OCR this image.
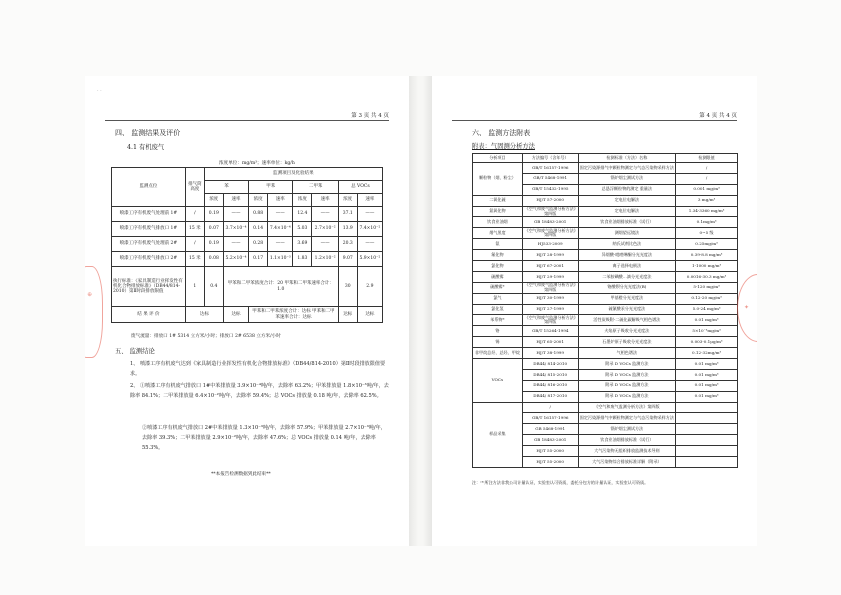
· ·
第 3 页 共 4 页
四、 监测结果及评价
4.1 有机废气
浓度单位：mg/m³；速率单位：kg/h
监测点位	排气筒高度	监测项目及化验结果							
		苯		甲苯		二甲苯		总 VOCs	
		浓度	速率	浓度	速率	浓度	速率	浓度	速率
喷漆工序有机废气处理前 1#	/	0.19	——	0.88	——	12.4	——	37.1	——
喷漆工序有机废气排放口 1#	15 米	0.07	3.7×10⁻⁴	0.14	7.4×10⁻⁴	5.03	2.7×10⁻²	13.9	7.4×10⁻²
喷漆工序有机废气处理前 2#	/	0.19	——	0.28	——	3.69	——	20.3	——
喷漆工序有机废气排放口 2#	15 米	0.08	5.2×10⁻⁴	0.17	1.1×10⁻³	1.83	1.2×10⁻²	9.07	5.9×10⁻²
执行标准：《家具制造行业挥发性有机化合物排放标准》（DB44/814-2010）第Ⅱ时段排放限值	1	0.4	甲苯和二甲苯浓度合计：20 甲苯和二甲苯速率合计：1.0					30	2.9
结 果 评 价	达标		达标	甲苯和二甲苯浓度合计：达标 甲苯和二甲苯速率合计：达标				达标	达标
废气流量：排放口 1# 5314 立方米/小时；排放口 2# 6538 立方米/小时
五、 监测结论
1、 喷漆工序有机废气达到《家具制造行业挥发性有机化合物排放标准》（DB44/814-2010）第Ⅱ时段排放限值要求。
2、 ①喷漆工序有机废气排放口 1#中苯排放量 3.9×10⁻⁴吨/年，去除率 63.2%；甲苯排放量 1.8×10⁻³吨/年，去除率 84.1%；二甲苯排放量 6.4×10⁻²吨/年，去除率 59.4%；总 VOCs 排放量 0.18 吨/年，去除率 62.5%。
②喷漆工序有机废气排放口 2#中苯排放量 1.3×10⁻³吨/年，去除率 57.9%；甲苯排放量 2.7×10⁻³吨/年，去除率 39.3%；二甲苯排放量 2.9×10⁻²吨/年，去除率 47.6%；总 VOCs 排放量 0.14 吨/年，去除率 55.3%。
**本报告检测数据到此结束**
⊕
第 4 页 共 4 页
六、 监测方法附表
附表：气固测分析方法
分析项目	方法编号（含年号）	检测标准（方法）名称	检测限值
颗粒物（烟、粉尘）	GB/T 16157-1996	固定污染源排气中颗粒物测定与气态污染物采样方法	/
	GB/T 5468-1991	锅炉烟尘测试方法	/
	GB/T 15432-1995	总悬浮颗粒物的测定 重量法	0.001 mg/m³
二氧化硫	HJ/T 57-2000	定电位电解法	3 mg/m³
氮氧化物	《空气和废气监测分析方法》第四版	定电位电解法	1.34-3360 mg/m³
饮食业油烟	GB 18483-2001	饮食业油烟排放标准（试行）	0.1mg/m³
烟气黑度	《空气和废气监测分析方法》第四版	测烟望远镜法	0~5 级
氨	HJ533-2009	纳氏试剂比色法	0.25mg/m³
氟化物	HJ/T 28-1999	异烟酸-吡唑啉酮分光光度法	0.39-8.8 mg/m³
氯化物	HJ/T 67-2001	离子选择电极法	1-1000 mg/m³
硫酸雾	HJ/T 29-1999	二苯胺碘酸…滴分光光度法	0.0016-30.3 mg/m³
硫酸雾*	《空气和废气监测分析方法》第四版	铬酸钡分光光度法(B)	5-120 mg/m³
氯气	HJ/T 30-1999	甲基橙分光光度法	0.12-20 mg/m³
氯化氢	HJ/T 27-1999	硫氰酸汞分光光度法	5.0-24 mg/m³
苯系物*	《空气和废气监测分析方法》第四版	活性炭吸附-二硫化碳解吸气相色谱法	0.01 mg/m³
铬	GB/T 15264-1994	火焰原子吸收分光光度法	5×10⁻³mg/m³
锡	HJ/T 65-2001	石墨炉原子吸收分光光度法	0.003-0.1μg/m³
非甲烷总烃、总烃、甲烷	HJ/T 38-1999	气相色谱法	0.12-32mg/m³
VOCs	DB44/ 814-2010	附录 D VOCs 监测方法	0.01 mg/m³
	DB44/ 815-2010	附录 D VOCs 监测方法	0.01 mg/m³
	DB44/ 816-2010	附录 D VOCs 监测方法	0.01 mg/m³
	DB44/ 817-2010	附录 D VOCs 监测方法	0.01 mg/m³
样品采集	/	《空气和废气监测分析方法》第四版	
	GB/T 16157-1996	固定污染源排气中颗粒物测定与气态污染物采样方法	
	GB 5468-1991	锅炉烟尘测试方法	
	GB 18483-2001	饮食业油烟排放标准（试行）	
	HJ/T 55-2000	大气污染物无组织排放监测技术导则	
	HJ/T 55-2000	大气污染物综合排放标准详解（附录）	
注：'*'所注方法非我公司计量认证，实验室认可资质，委托分包方的计量认证，实验室认可资质。
✦
